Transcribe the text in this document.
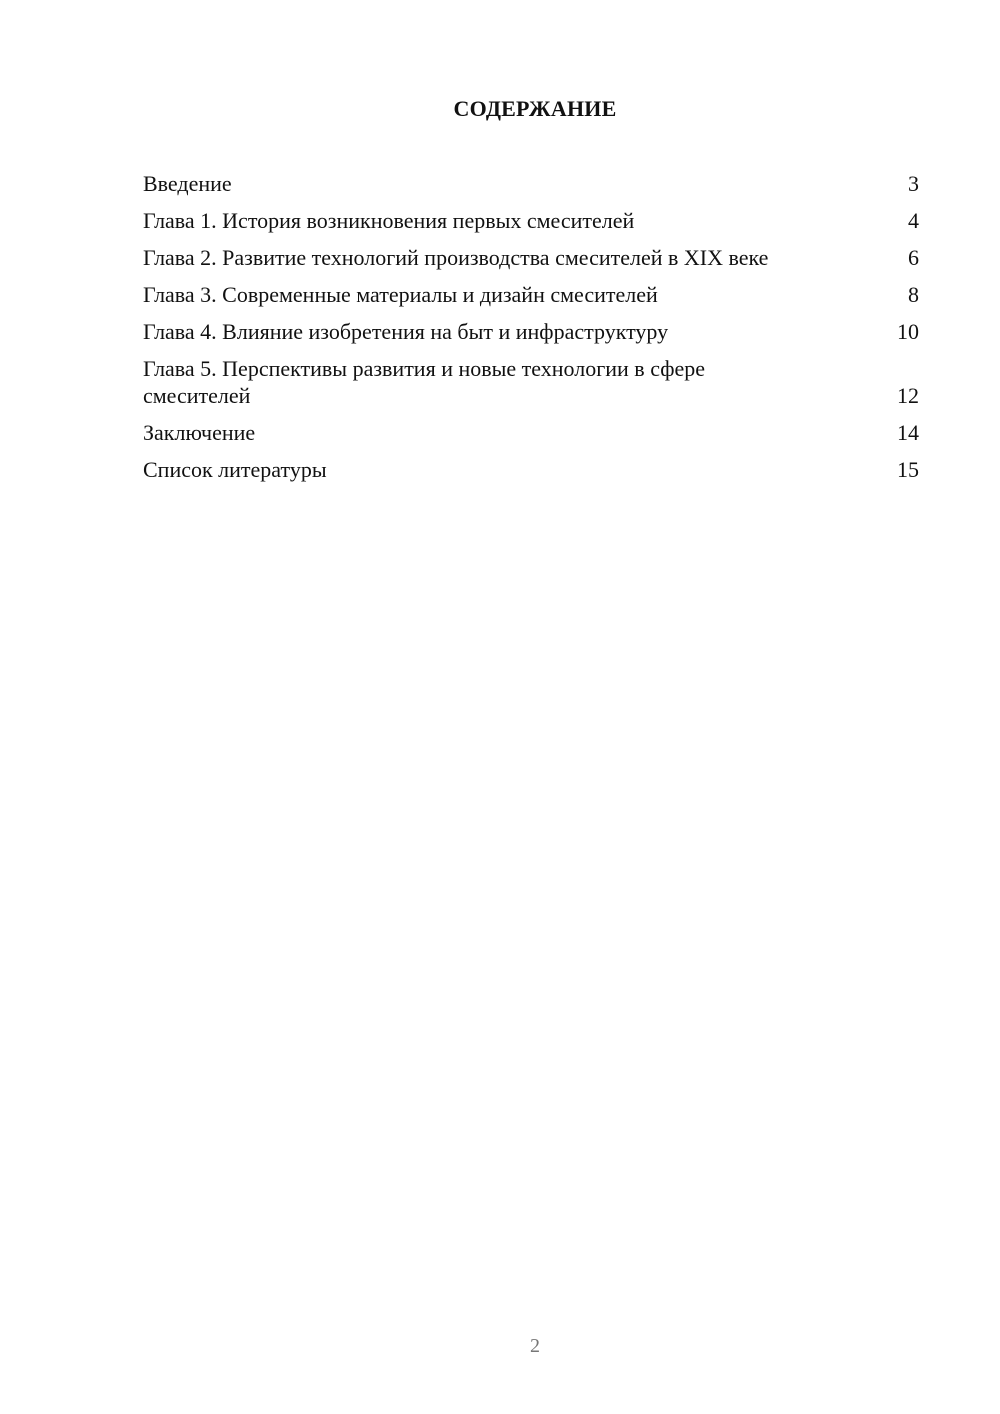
СОДЕРЖАНИЕ
Введение	3
Глава 1. История возникновения первых смесителей	4
Глава 2. Развитие технологий производства смесителей в XIX веке	6
Глава 3. Современные материалы и дизайн смесителей	8
Глава 4. Влияние изобретения на быт и инфраструктуру	10
Глава 5. Перспективы развития и новые технологии в сфере смесителей	12
Заключение	14
Список литературы	15
2
